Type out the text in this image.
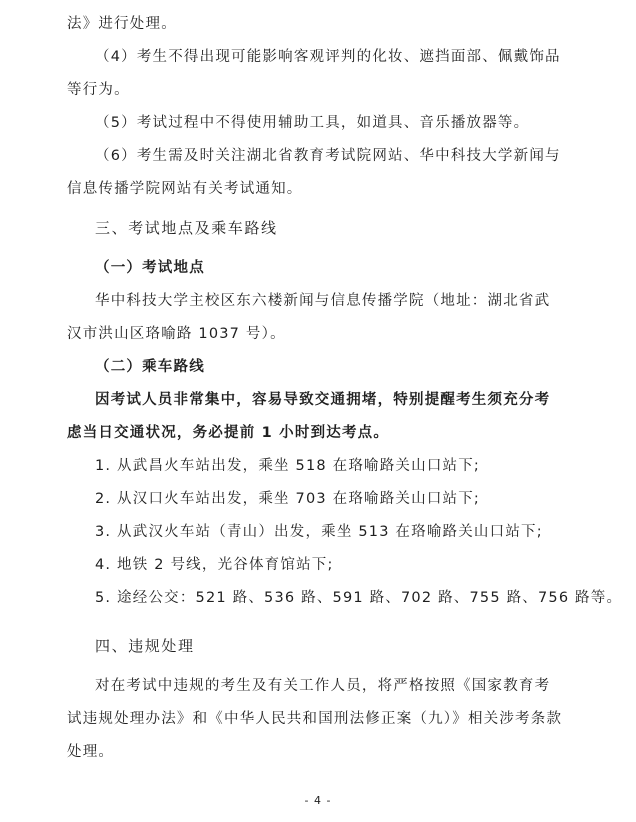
法》进行处理。
（4）考生不得出现可能影响客观评判的化妆、遮挡面部、佩戴饰品
等行为。
（5）考试过程中不得使用辅助工具，如道具、音乐播放器等。
（6）考生需及时关注湖北省教育考试院网站、华中科技大学新闻与
信息传播学院网站有关考试通知。
三、考试地点及乘车路线
（一）考试地点
华中科技大学主校区东六楼新闻与信息传播学院（地址：湖北省武
汉市洪山区珞喻路 1037 号）。
（二）乘车路线
因考试人员非常集中，容易导致交通拥堵，特别提醒考生须充分考
虑当日交通状况，务必提前 1 小时到达考点。
1. 从武昌火车站出发，乘坐 518 在珞喻路关山口站下;
2. 从汉口火车站出发，乘坐 703 在珞喻路关山口站下;
3. 从武汉火车站（青山）出发，乘坐 513 在珞喻路关山口站下;
4. 地铁 2 号线，光谷体育馆站下;
5. 途经公交：521 路、536 路、591 路、702 路、755 路、756 路等。
四、违规处理
对在考试中违规的考生及有关工作人员，将严格按照《国家教育考
试违规处理办法》和《中华人民共和国刑法修正案（九）》相关涉考条款
处理。
- 4 -
